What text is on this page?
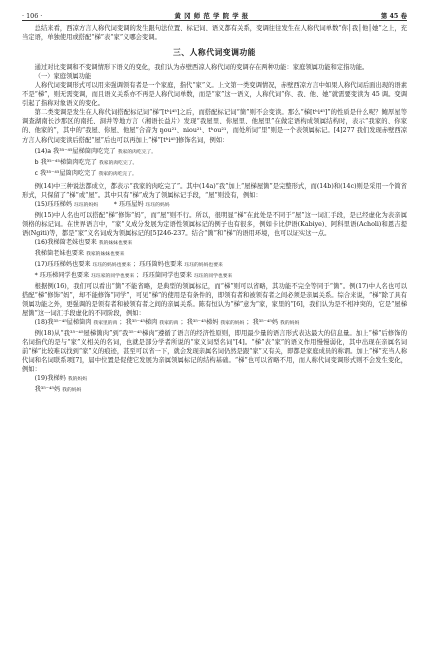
· 106 ·	黄 冈 师 范 学 院 学 报	第 45 卷

总结来看，西凉方言人称代词变调的发生跟句法位置、标记词、语义都有关系，变调往往发生在人称代词单数“你│我│他│她”之上，充当定语，单独使用或搭配“梯”表“家”义哪会变调。

三、人称代词变调功能

通过对比变调和不变调情形下语义的变化，我们认为赤壁西凉人称代词的变调存在两种功能：家庭领属功能和定指功能。

（一）家庭领属功能

人称代词变调形式可以用来强调领有者是一个家庭，指代“家”义。上文第一类变调情况，赤壁西凉方言中如果人称代词后面出现的语素不是“梯”，则无需变调，而且语义关系亦不再是人称代词单数，而是“家”这一语义，人称代词“你、我、他、她”就需要变读为 45 调。变调引起了指称对象语义的变化。

第二类变调是发生在人称代词搭配标记词“梯”[tʰi⁴⁵]之后，而搭配标记词“箇”则不会变读。那么“梯[tʰi⁴⁵]”的性质是什么呢？鲍厚星等调查湖南长沙那区的南托、洞井等地方言（湘语长益片）发现“我屋里、你屋里、他屋里”在做定语构成领属结构时，表示“我家的、你家的、他家的”，其中的“我屋、你屋、他屋”合音为 ŋou²¹、niou²¹、tʰou²¹，而处所词“里”则是一个表领属标记。[4]277 我们发现赤壁西凉方言人称代词变读后搭配“屋”后也可以再加上“梯”[tʰi⁴⁵]修饰名词，例如：

(14)a 我³⁵⁻⁴⁵屋梯箇肉吃完了 我家的肉吃完了。
b 我³⁵⁻⁴⁵梯箇肉吃完了 我家的肉吃完了。
c 我³⁵⁻⁴⁵屋箇肉吃完了 我家的肉吃完了。

例(14)中三种说法都成立，都表示“我家的肉吃完了”。其中(14a)“我”加上“屋梯屋箇”是完整形式，而(14b)和(14c)则是采用一个简省形式，只保留了“梯”或“屋”。其中只有“梯”成为了领属标记手段，“屋”则没有，例如：

(15)珏珏梯妈 珏珏的妈妈	* 珏珏屋妈 珏珏的妈妈

例(15)中人名也可以搭配“梯”修饰“妈”，而“屋”则不行。所以，很明显“梯”在此处是不同于“屋”这一词汇手段，是已经虚化为表亲属领格的标记词。在世界语言中，“家”义成分发展为定语性领属标记的例子也有很多，例如卡比伊语(Kabiye)、阿科里语(Acholi)和恩吉提语(Ngiti)等，都是“家”义名词成为领属标记的[5]246-237。结合“箇”和“梯”的语用环境，也可以证实这一点。

(16)我梯箇老妹也要来 我的妹妹也要来
我梯箇老妹也要来 我家的妹妹也要来
(17)珏珏梯妈也要来 珏珏的妈妈也要来 ；珏珏箇妈也要来 珏珏的妈妈也要来
* 珏珏梯同学也要来 珏珏家的同学也要来 ；珏珏箇同学也要来 珏珏的同学也要来

根据例(16)，我们可以看出“箇”不能省略，是典型的领属标记，而“梯”则可以省略，其功能不完全等同于“箇”。例(17)中人名也可以搭配“梯”修饰“妈”，却不能修饰“同学”，可见“梯”的使用是有条件的，即领有者和被领有者之间必须是亲属关系。综合来说，“梯”除了具有领属功能之外，更强调的是领有者和被领有者之间的亲属关系。陈有恒认为“梯”意为“家，家里的”[6]，我们认为是不相冲突的，它是“屋梯屋箇”这一词汇手段虚化的不同阶段，例如：

(18)我³⁵⁻⁴⁵屋梯箇肉 我家里的肉 ；我³⁵⁻⁴⁵梯肉 我家的肉 ；我³⁵⁻⁴⁵梯妈 我家的妈妈 ；我³⁵⁻⁴⁵妈 我的妈妈

例(18)从“我³⁵⁻⁴⁵屋梯箇肉”到“我³⁵⁻⁴⁵梯肉”遵循了语言的经济性原则，即用最少量的语言形式表达最大的信息量。加上“梯”后修饰的名词指代的是与“家”义相关的名词，也就是部分学者所说的“家义词型名词”[4]。“梯”表“家”的语义作用慢慢弱化，其中出现在亲属名词前“梯”比较难以找到“家”义的痕迹，甚至可以省一下，就会发现亲属名词仍然是跟“家”又有关，即都是家庭成员的称谓。加上“梯”充当人称代词和名词联系项[7]，届中位置是促使它发展为亲属领属标记的结构基础。“梯”也可以省略不用，而人称代词变调形式则不会发生变化，例如：

(19)我梯妈 我的妈妈
我³⁵⁻⁴⁵妈 我的妈妈
